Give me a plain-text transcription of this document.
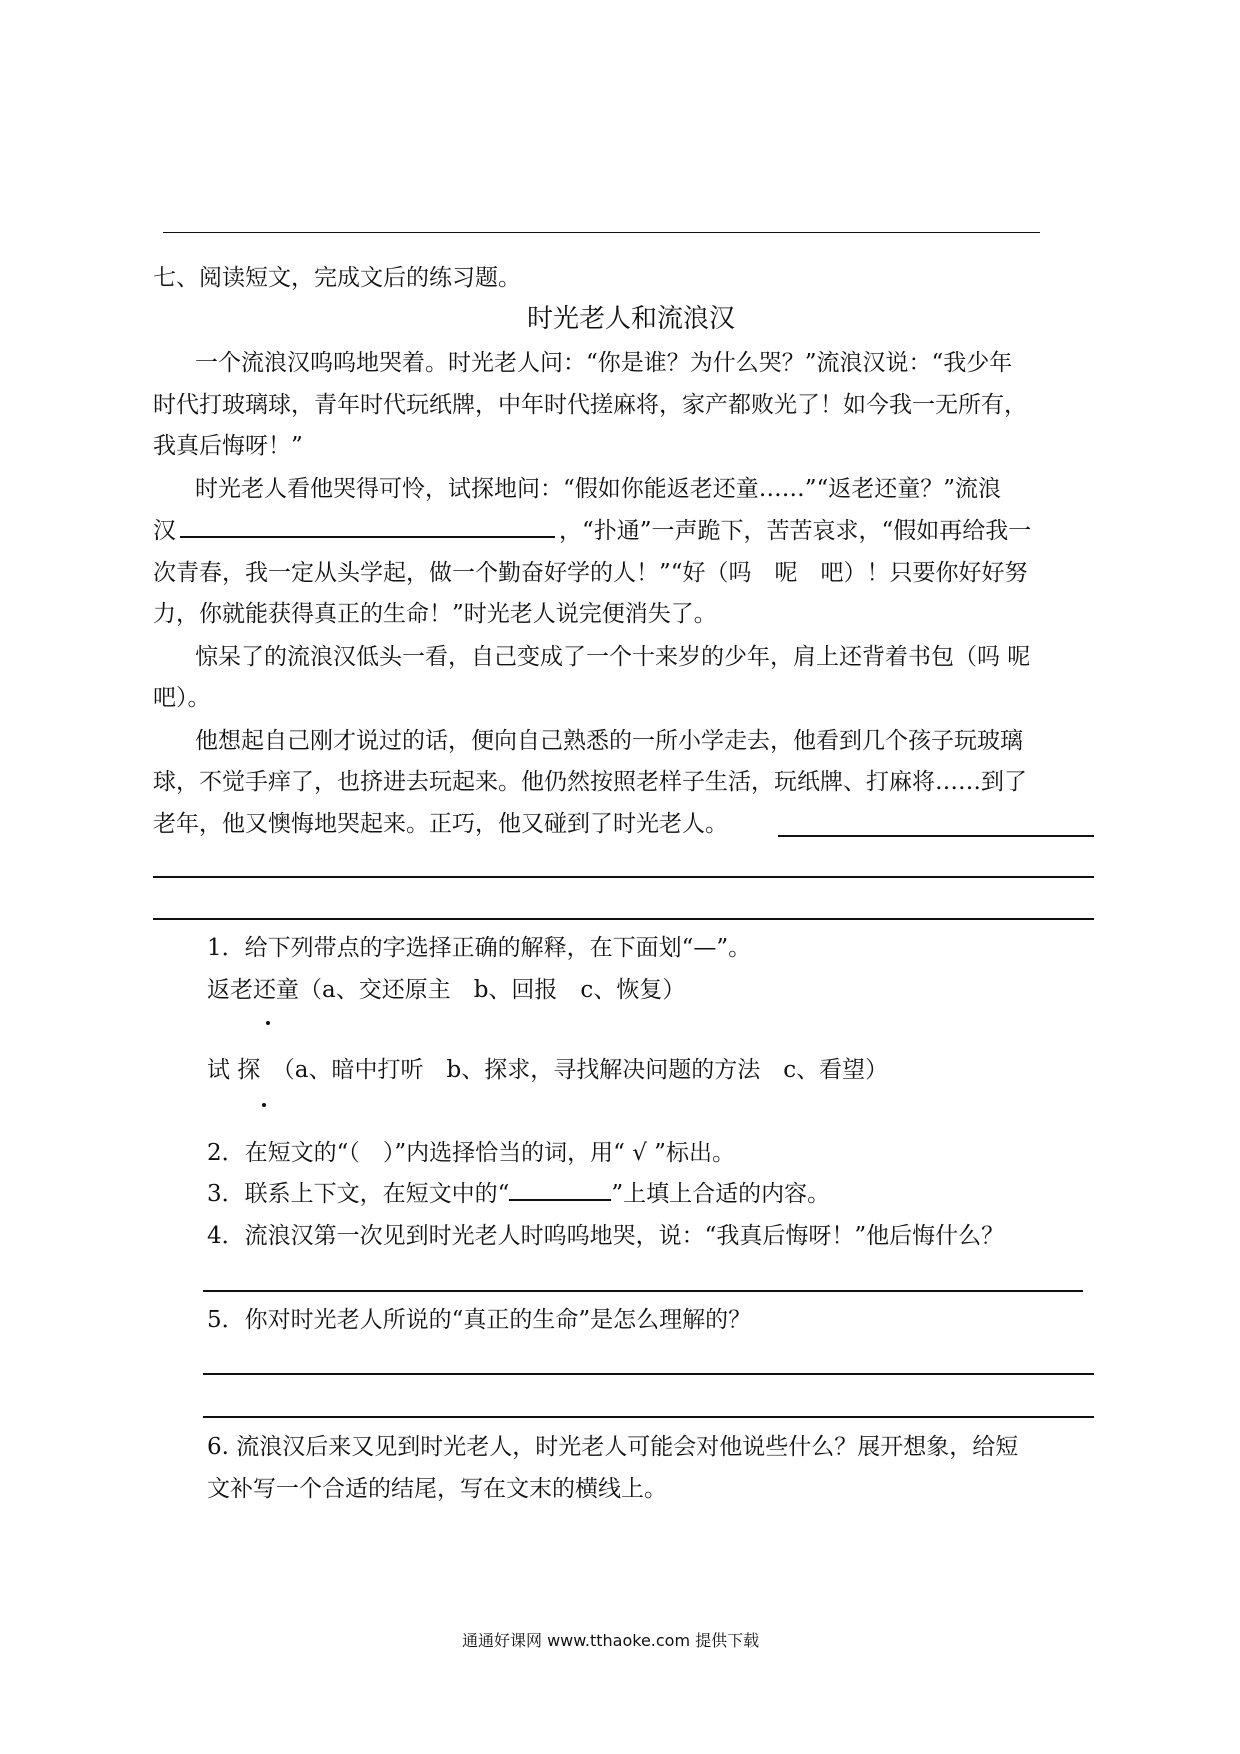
七、阅读短文，完成文后的练习题。
时光老人和流浪汉
一个流浪汉呜呜地哭着。时光老人问：“你是谁？为什么哭？”流浪汉说：“我少年
时代打玻璃球，青年时代玩纸牌，中年时代搓麻将，家产都败光了！如今我一无所有，
我真后悔呀！”
时光老人看他哭得可怜，试探地问：“假如你能返老还童……”“返老还童？”流浪
汉	，“扑通”一声跪下，苦苦哀求，“假如再给我一
次青春，我一定从头学起，做一个勤奋好学的人！”“好（吗　呢　吧）！只要你好好努
力，你就能获得真正的生命！”时光老人说完便消失了。
惊呆了的流浪汉低头一看，自己变成了一个十来岁的少年，肩上还背着书包（吗 呢
吧）。
他想起自己刚才说过的话，便向自己熟悉的一所小学走去，他看到几个孩子玩玻璃
球，不觉手痒了，也挤进去玩起来。他仍然按照老样子生活，玩纸牌、打麻将……到了
老年，他又懊悔地哭起来。正巧，他又碰到了时光老人。
1．给下列带点的字选择正确的解释，在下面划“—”。
返老还童（a、交还原主　b、回报　c、恢复）
试 探　（a、暗中打听　b、探求，寻找解决问题的方法　c、看望）
2．在短文的“（　）”内选择恰当的词，用“ √ ”标出。
3．联系上下文，在短文中的“	”上填上合适的内容。
4．流浪汉第一次见到时光老人时呜呜地哭，说：“我真后悔呀！”他后悔什么？
5．你对时光老人所说的“真正的生命”是怎么理解的？
6. 流浪汉后来又见到时光老人，时光老人可能会对他说些什么？展开想象，给短
文补写一个合适的结尾，写在文末的横线上。
通通好课网 www.tthaoke.com 提供下载
